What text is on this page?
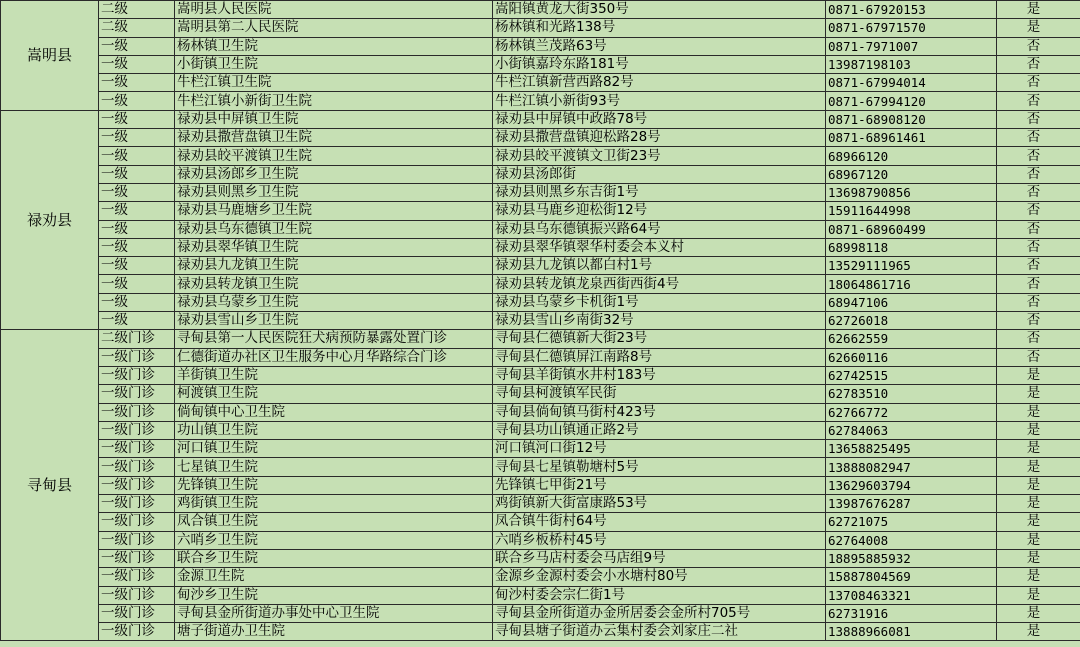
嵩明县	二级	嵩明县人民医院	嵩阳镇黄龙大街350号	0871-67920153	是
	二级	嵩明县第二人民医院	杨林镇和光路138号	0871-67971570	是
	一级	杨林镇卫生院	杨林镇兰茂路63号	0871-7971007	否
	一级	小街镇卫生院	小街镇嘉玲东路181号	13987198103	否
	一级	牛栏江镇卫生院	牛栏江镇新营西路82号	0871-67994014	否
	一级	牛栏江镇小新街卫生院	牛栏江镇小新街93号	0871-67994120	否
禄劝县	一级	禄劝县中屏镇卫生院	禄劝县中屏镇中政路78号	0871-68908120	否
	一级	禄劝县撒营盘镇卫生院	禄劝县撒营盘镇迎松路28号	0871-68961461	否
	一级	禄劝县皎平渡镇卫生院	禄劝县皎平渡镇文卫街23号	68966120	否
	一级	禄劝县汤郎乡卫生院	禄劝县汤郎街	68967120	否
	一级	禄劝县则黑乡卫生院	禄劝县则黑乡东吉街1号	13698790856	否
	一级	禄劝县马鹿塘乡卫生院	禄劝县马鹿乡迎松街12号	15911644998	否
	一级	禄劝县乌东德镇卫生院	禄劝县乌东德镇振兴路64号	0871-68960499	否
	一级	禄劝县翠华镇卫生院	禄劝县翠华镇翠华村委会本义村	68998118	否
	一级	禄劝县九龙镇卫生院	禄劝县九龙镇以都白村1号	13529111965	否
	一级	禄劝县转龙镇卫生院	禄劝县转龙镇龙泉西街西街4号	18064861716	否
	一级	禄劝县乌蒙乡卫生院	禄劝县乌蒙乡卡机街1号	68947106	否
	一级	禄劝县雪山乡卫生院	禄劝县雪山乡南街32号	62726018	否
寻甸县	二级门诊	寻甸县第一人民医院狂犬病预防暴露处置门诊	寻甸县仁德镇新大街23号	62662559	否
	一级门诊	仁德街道办社区卫生服务中心月华路综合门诊	寻甸县仁德镇屏江南路8号	62660116	否
	一级门诊	羊街镇卫生院	寻甸县羊街镇水井村183号	62742515	是
	一级门诊	柯渡镇卫生院	寻甸县柯渡镇军民街	62783510	是
	一级门诊	倘甸镇中心卫生院	寻甸县倘甸镇马街村423号	62766772	是
	一级门诊	功山镇卫生院	寻甸县功山镇通正路2号	62784063	是
	一级门诊	河口镇卫生院	河口镇河口街12号	13658825495	是
	一级门诊	七星镇卫生院	寻甸县七星镇勒塘村5号	13888082947	是
	一级门诊	先锋镇卫生院	先锋镇七甲街21号	13629603794	是
	一级门诊	鸡街镇卫生院	鸡街镇新大街富康路53号	13987676287	是
	一级门诊	凤合镇卫生院	凤合镇牛街村64号	62721075	是
	一级门诊	六哨乡卫生院	六哨乡板桥村45号	62764008	是
	一级门诊	联合乡卫生院	联合乡马店村委会马店组9号	18895885932	是
	一级门诊	金源卫生院	金源乡金源村委会小水塘村80号	15887804569	是
	一级门诊	甸沙乡卫生院	甸沙村委会宗仁街1号	13708463321	是
	一级门诊	寻甸县金所街道办事处中心卫生院	寻甸县金所街道办金所居委会金所村705号	62731916	是
	一级门诊	塘子街道办卫生院	寻甸县塘子街道办云集村委会刘家庄二社	13888966081	是
